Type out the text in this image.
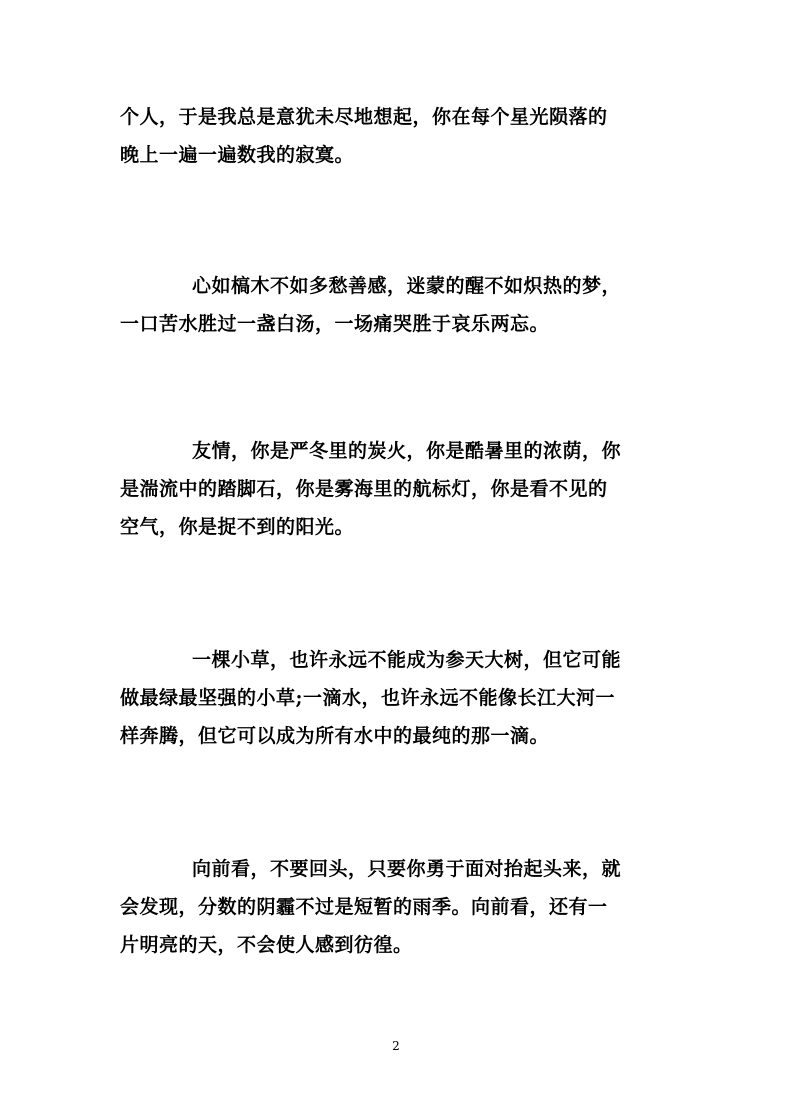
个人，于是我总是意犹未尽地想起，你在每个星光陨落的
晚上一遍一遍数我的寂寞。

心如槁木不如多愁善感，迷蒙的醒不如炽热的梦，
一口苦水胜过一盏白汤，一场痛哭胜于哀乐两忘。

友情，你是严冬里的炭火，你是酷暑里的浓荫，你
是湍流中的踏脚石，你是雾海里的航标灯，你是看不见的
空气，你是捉不到的阳光。

一棵小草，也许永远不能成为参天大树，但它可能
做最绿最坚强的小草;一滴水，也许永远不能像长江大河一
样奔腾，但它可以成为所有水中的最纯的那一滴。

向前看，不要回头，只要你勇于面对抬起头来，就
会发现，分数的阴霾不过是短暂的雨季。向前看，还有一
片明亮的天，不会使人感到彷徨。

2
